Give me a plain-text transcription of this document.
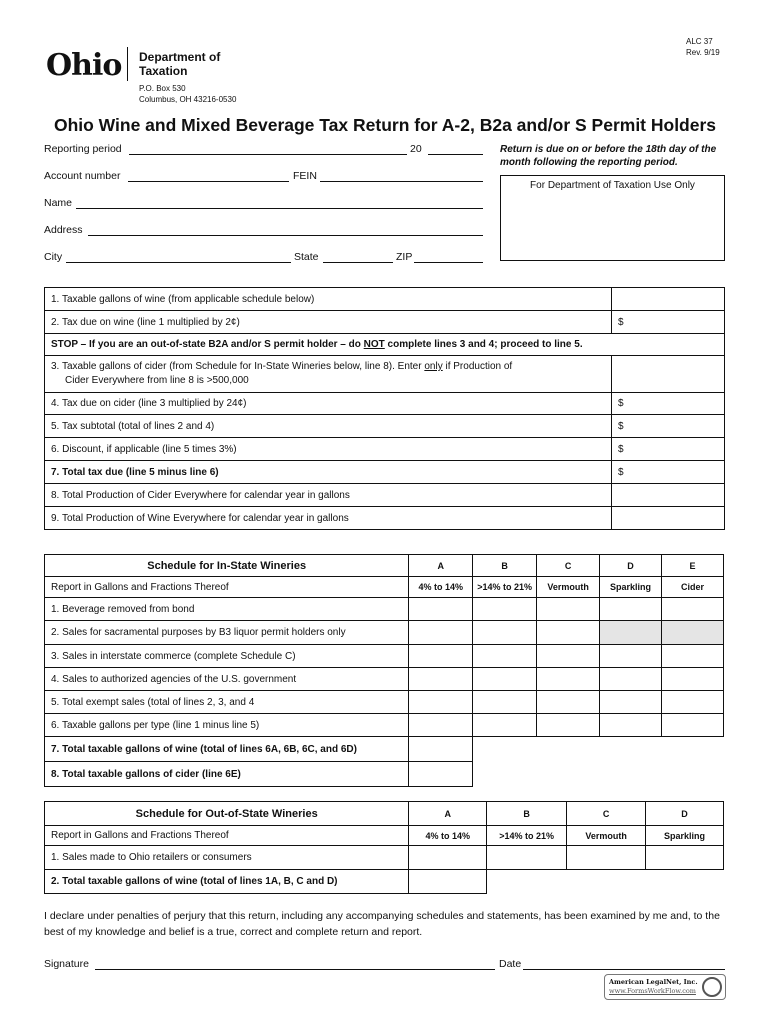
Ohio Department of
Taxation
P.O. Box 530
Columbus, OH 43216-0530
ALC 37
Rev. 9/19
Ohio Wine and Mixed Beverage Tax Return for A-2, B2a and/or S Permit Holders
Reporting period	20
Account number	FEIN
Name
Address
City	State	ZIP
Return is due on or before the 18th day of the month following the reporting period.
For Department of Taxation Use Only
1. Taxable gallons of wine (from applicable schedule below)	
2. Tax due on wine (line 1 multiplied by 2¢)	$
STOP – If you are an out-of-state B2A and/or S permit holder – do NOT complete lines 3 and 4; proceed to line 5.	

3. Taxable gallons of cider (from Schedule for In-State Wineries below, line 8). Enter only if Production of
Cider Everywhere from line 8 is >500,000	

4. Tax due on cider (line 3 multiplied by 24¢)	$
5. Tax subtotal (total of lines 2 and 4)	$
6. Discount, if applicable (line 5 times 3%)	$
7. Total tax due (line 5 minus line 6)	$
8. Total Production of Cider Everywhere for calendar year in gallons	
9. Total Production of Wine Everywhere for calendar year in gallons	
Schedule for In-State Wineries	A	B	C	D	E
Report in Gallons and Fractions Thereof	4% to 14%	>14% to 21%	Vermouth	Sparkling	Cider
1. Beverage removed from bond					
2. Sales for sacramental purposes by B3 liquor permit holders only					
3. Sales in interstate commerce (complete Schedule C)					
4. Sales to authorized agencies of the U.S. government					
5. Total exempt sales (total of lines 2, 3, and 4					
6. Taxable gallons per type (line 1 minus line 5)					
7. Total taxable gallons of wine (total of lines 6A, 6B, 6C, and 6D)					
8. Total taxable gallons of cider (line 6E)					
Schedule for Out-of-State Wineries	A	B	C	D
Report in Gallons and Fractions Thereof	4% to 14%	>14% to 21%	Vermouth	Sparkling
1. Sales made to Ohio retailers or consumers				
2. Total taxable gallons of wine (total of lines 1A, B, C and D)				
I declare under penalties of perjury that this return, including any accompanying schedules and statements, has been examined by me and, to the best of my knowledge and belief is a true, correct and complete return and report.
Signature	Date
American LegalNet, Inc.
www.FormsWorkFlow.com
